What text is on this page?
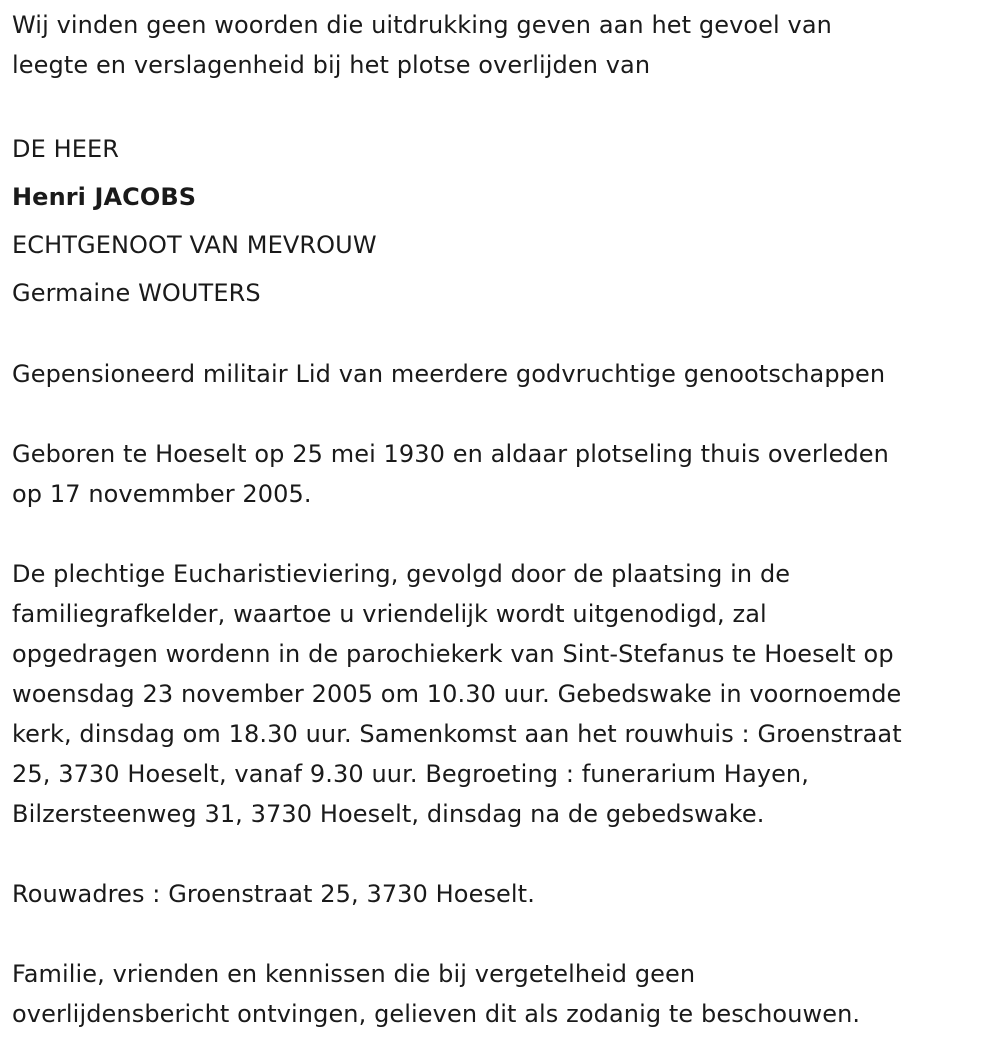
Wij vinden geen woorden die uitdrukking geven aan het gevoel van
leegte en verslagenheid bij het plotse overlijden van

DE HEER

Henri JACOBS

ECHTGENOOT VAN MEVROUW

Germaine WOUTERS

Gepensioneerd militair Lid van meerdere godvruchtige genootschappen

Geboren te Hoeselt op 25 mei 1930 en aldaar plotseling thuis overleden
op 17 novemmber 2005.

De plechtige Eucharistieviering, gevolgd door de plaatsing in de
familiegrafkelder, waartoe u vriendelijk wordt uitgenodigd, zal
opgedragen wordenn in de parochiekerk van Sint-Stefanus te Hoeselt op
woensdag 23 november 2005 om 10.30 uur. Gebedswake in voornoemde
kerk, dinsdag om 18.30 uur. Samenkomst aan het rouwhuis : Groenstraat
25, 3730 Hoeselt, vanaf 9.30 uur. Begroeting : funerarium Hayen,
Bilzersteenweg 31, 3730 Hoeselt, dinsdag na de gebedswake.

Rouwadres : Groenstraat 25, 3730 Hoeselt.

Familie, vrienden en kennissen die bij vergetelheid geen
overlijdensbericht ontvingen, gelieven dit als zodanig te beschouwen.
